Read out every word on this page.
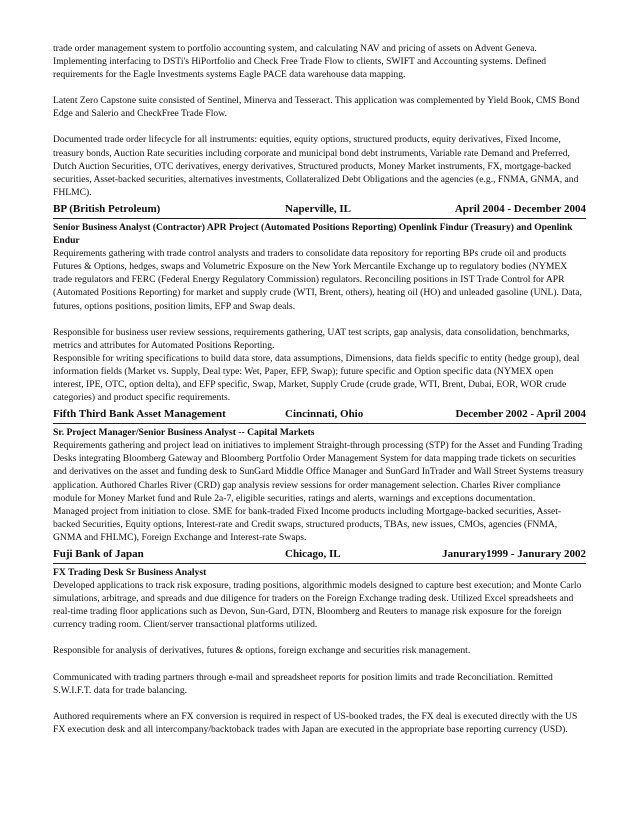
trade order management system to portfolio accounting system, and calculating NAV and pricing of assets on Advent Geneva. Implementing interfacing to DSTi's HiPortfolio and Check Free Trade Flow to clients, SWIFT and Accounting systems. Defined requirements for the Eagle Investments systems Eagle PACE data warehouse data mapping.

Latent Zero Capstone suite consisted of Sentinel, Minerva and Tesseract. This application was complemented by Yield Book, CMS Bond Edge and Salerio and CheckFree Trade Flow.

Documented trade order lifecycle for all instruments: equities, equity options, structured products, equity derivatives, Fixed Income, treasury bonds, Auction Rate securities including corporate and municipal bond debt instruments, Variable rate Demand and Preferred, Dutch Auction Securities, OTC derivatives, energy derivatives, Structured products, Money Market instruments, FX, mortgage-backed securities, Asset-backed securities, alternatives investments, Collateralized Debt Obligations and the agencies (e.g., FNMA, GNMA, and FHLMC).

BP (British Petroleum)	Naperville, IL	April 2004 - December 2004

Senior Business Analyst (Contractor) APR Project (Automated Positions Reporting) Openlink Findur (Treasury) and Openlink Endur

Requirements gathering with trade control analysts and traders to consolidate data repository for reporting BPs crude oil and products Futures & Options, hedges, swaps and Volumetric Exposure on the New York Mercantile Exchange up to regulatory bodies (NYMEX trade regulators and FERC (Federal Energy Regulatory Commission) regulators. Reconciling positions in IST Trade Control for APR (Automated Positions Reporting) for market and supply crude (WTI, Brent, others), heating oil (HO) and unleaded gasoline (UNL). Data, futures, options positions, position limits, EFP and Swap deals.

Responsible for business user review sessions, requirements gathering, UAT test scripts, gap analysis, data consolidation, benchmarks, metrics and attributes for Automated Positions Reporting.

Responsible for writing specifications to build data store, data assumptions, Dimensions, data fields specific to entity (hedge group), deal information fields (Market vs. Supply, Deal type: Wet, Paper, EFP, Swap); future specific and Option specific data (NYMEX open interest, IPE, OTC, option delta), and EFP specific, Swap, Market, Supply Crude (crude grade, WTI, Brent, Dubai, EOR, WOR crude categories) and product specific requirements.

Fifth Third Bank Asset Management	Cincinnati, Ohio	December 2002 - April 2004

Sr. Project Manager/Senior Business Analyst -- Capital Markets

Requirements gathering and project lead on initiatives to implement Straight-through processing (STP) for the Asset and Funding Trading Desks integrating Bloomberg Gateway and Bloomberg Portfolio Order Management System for data mapping trade tickets on securities and derivatives on the asset and funding desk to SunGard Middle Office Manager and SunGard InTrader and Wall Street Systems treasury application. Authored Charles River (CRD) gap analysis review sessions for order management selection. Charles River compliance module for Money Market fund and Rule 2a-7, eligible securities, ratings and alerts, warnings and exceptions documentation.

Managed project from initiation to close. SME for bank-traded Fixed Income products including Mortgage-backed securities, Asset-backed Securities, Equity options, Interest-rate and Credit swaps, structured products, TBAs, new issues, CMOs, agencies (FNMA, GNMA and FHLMC), Foreign Exchange and Interest-rate Swaps.

Fuji Bank of Japan	Chicago, IL	Janurary1999 - Janurary 2002

FX Trading Desk Sr Business Analyst

Developed applications to track risk exposure, trading positions, algorithmic models designed to capture best execution; and Monte Carlo simulations, arbitrage, and spreads and due diligence for traders on the Foreign Exchange trading desk. Utilized Excel spreadsheets and real-time trading floor applications such as Devon, Sun-Gard, DTN, Bloomberg and Reuters to manage risk exposure for the foreign currency trading room. Client/server transactional platforms utilized.

Responsible for analysis of derivatives, futures & options, foreign exchange and securities risk management.

Communicated with trading partners through e-mail and spreadsheet reports for position limits and trade Reconciliation. Remitted S.W.I.F.T. data for trade balancing.

Authored requirements where an FX conversion is required in respect of US-booked trades, the FX deal is executed directly with the US FX execution desk and all intercompany/backtoback trades with Japan are executed in the appropriate base reporting currency (USD).
